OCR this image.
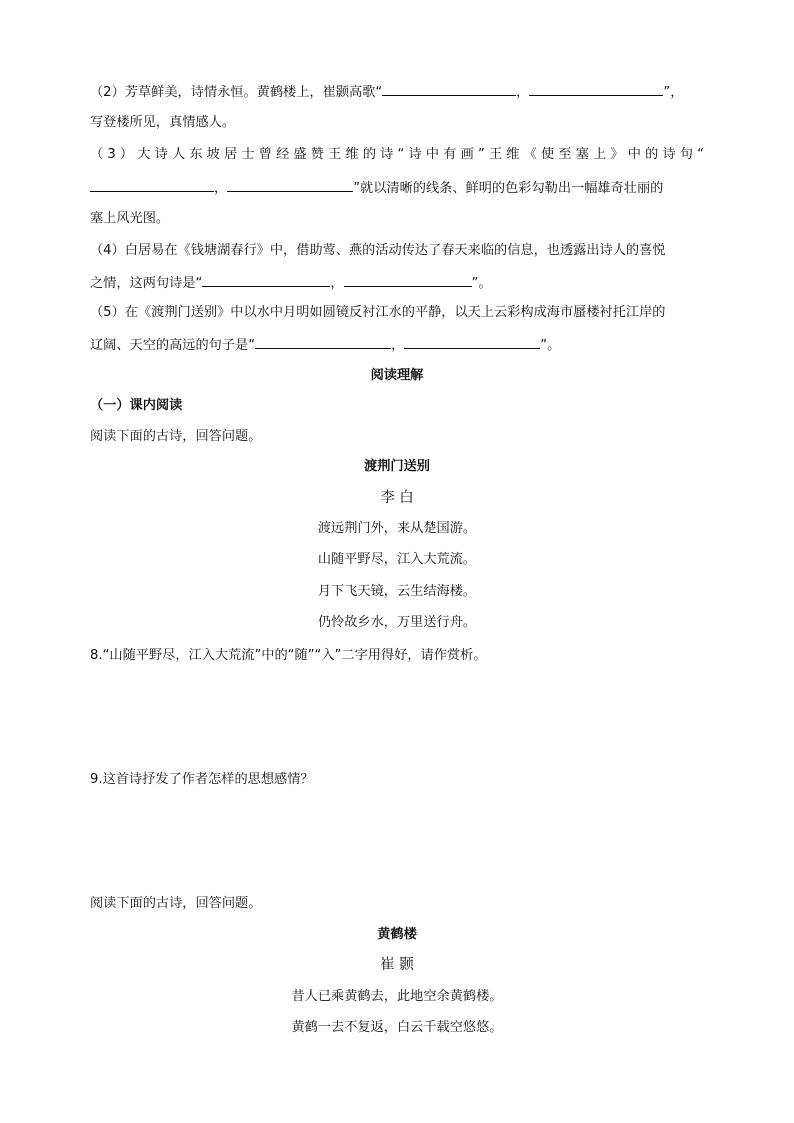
（2）芳草鲜美，诗情永恒。黄鹤楼上，崔颢高歌“	，	”，
写登楼所见，真情感人。
（3）大诗人东坡居士曾经盛赞王维的诗“诗中有画”王维《使至塞上》中的诗句“
，	”就以清晰的线条、鲜明的色彩勾勒出一幅雄奇壮丽的
塞上风光图。
（4）白居易在《钱塘湖春行》中，借助莺、燕的活动传达了春天来临的信息，也透露出诗人的喜悦
之情，这两句诗是“	，	”。
（5）在《渡荆门送别》中以水中月明如圆镜反衬江水的平静，以天上云彩构成海市蜃楼衬托江岸的
辽阔、天空的高远的句子是“	，	”。
阅读理解
（一）课内阅读
阅读下面的古诗，回答问题。
渡荆门送别
李 白
渡远荆门外，来从楚国游。
山随平野尽，江入大荒流。
月下飞天镜，云生结海楼。
仍怜故乡水，万里送行舟。
8.“山随平野尽，江入大荒流”中的“随”“入”二字用得好，请作赏析。
9.这首诗抒发了作者怎样的思想感情？
阅读下面的古诗，回答问题。
黄鹤楼
崔 颢
昔人已乘黄鹤去，此地空余黄鹤楼。
黄鹤一去不复返，白云千载空悠悠。
